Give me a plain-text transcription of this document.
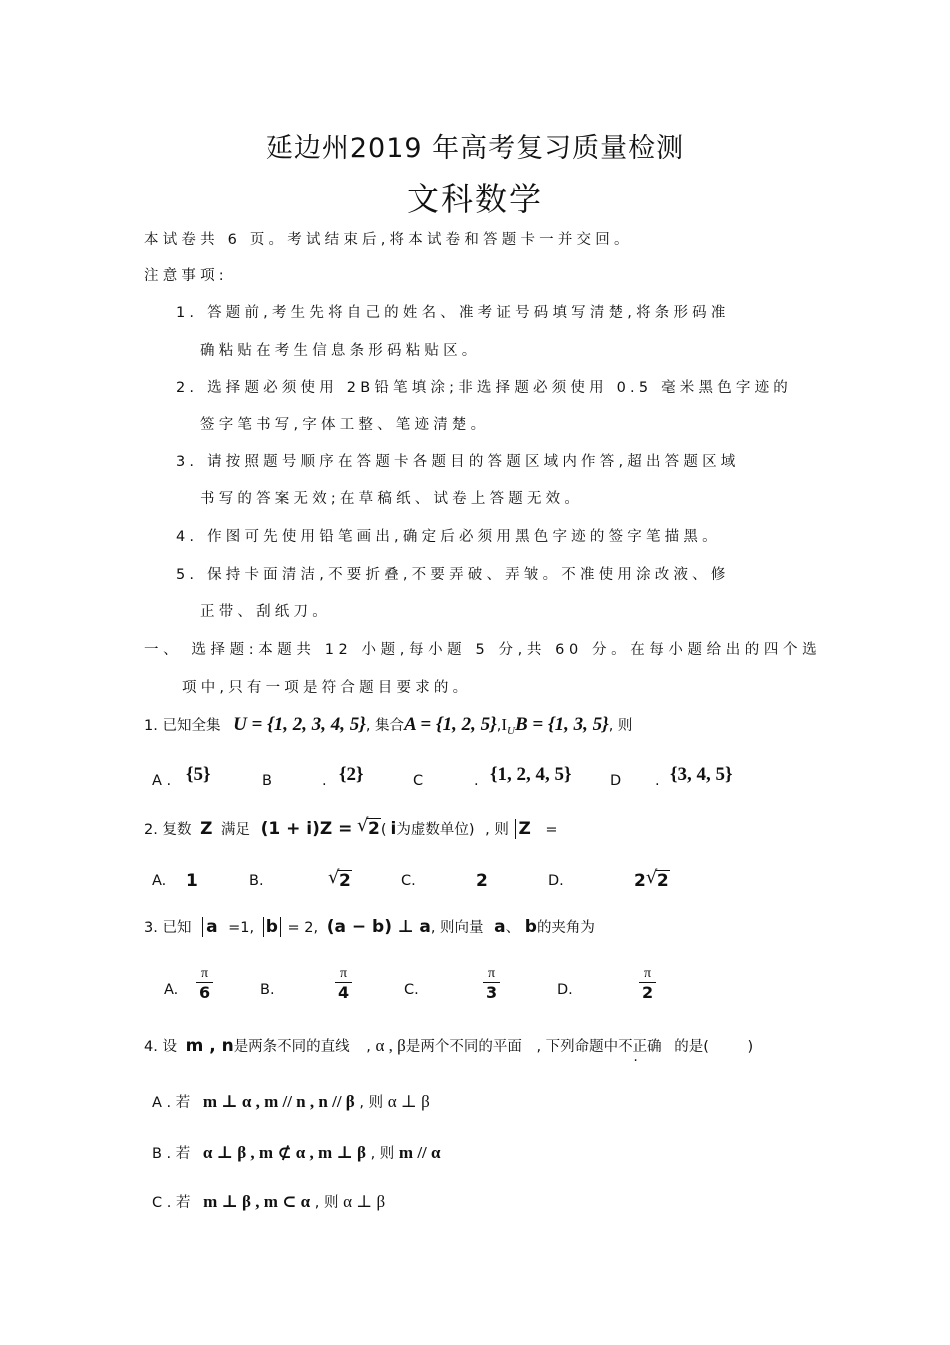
延边州2019 年高考复习质量检测
文科数学
本试卷共 6 页。考试结束后,将本试卷和答题卡一并交回。
注意事项:
1. 答题前,考生先将自己的姓名、准考证号码填写清楚,将条形码准
确粘贴在考生信息条形码粘贴区。
2. 选择题必须使用 2B铅笔填涂;非选择题必须使用 0.5 毫米黑色字迹的
签字笔书写,字体工整、笔迹清楚。
3. 请按照题号顺序在答题卡各题目的答题区域内作答,超出答题区域
书写的答案无效;在草稿纸、试卷上答题无效。
4. 作图可先使用铅笔画出,确定后必须用黑色字迹的签字笔描黑。
5. 保持卡面清洁,不要折叠,不要弄破、弄皱。不准使用涂改液、修
正带、刮纸刀。
一、 选择题:本题共 12 小题,每小题 5 分,共 60 分。在每小题给出的四个选
项中,只有一项是符合题目要求的。
1. 已知全集 U = {1, 2, 3, 4, 5}, 集合A = {1, 2, $5\},I_UB = \{1$, 3, 5}, 则
A . {5}	B	. {2}	C	. {1, 2, 4, 5}	D . {3, 4, 5}
2. 复数 Z 满足 (1 + i)Z = √ 2( i为虚数单位) , 则 Z =
A. 1	B.	√ 2	C.	2	D.	2 √ 2
3. 已知 a =1, b = 2, (a − b) ⊥ a, 则向量 a、 b的夹角为
A. $\frac{\pi}{6}$	B.	$\frac{\pi}{4}$	C.	$\frac{\pi}{3}$	D.	$\frac{\pi}{2}$
4. 设 m , n是两条不同的直线 , α , β是两个不同的平面 , 下列命题中不正确 的是(	)
A . 若 m ⊥ α , m // n , n // β , 则 α ⊥ β
B . 若 α ⊥ β , m ⊄ α , m ⊥ β , 则 m // α
C . 若 m ⊥ β , m ⊂ α , 则 α ⊥ β
